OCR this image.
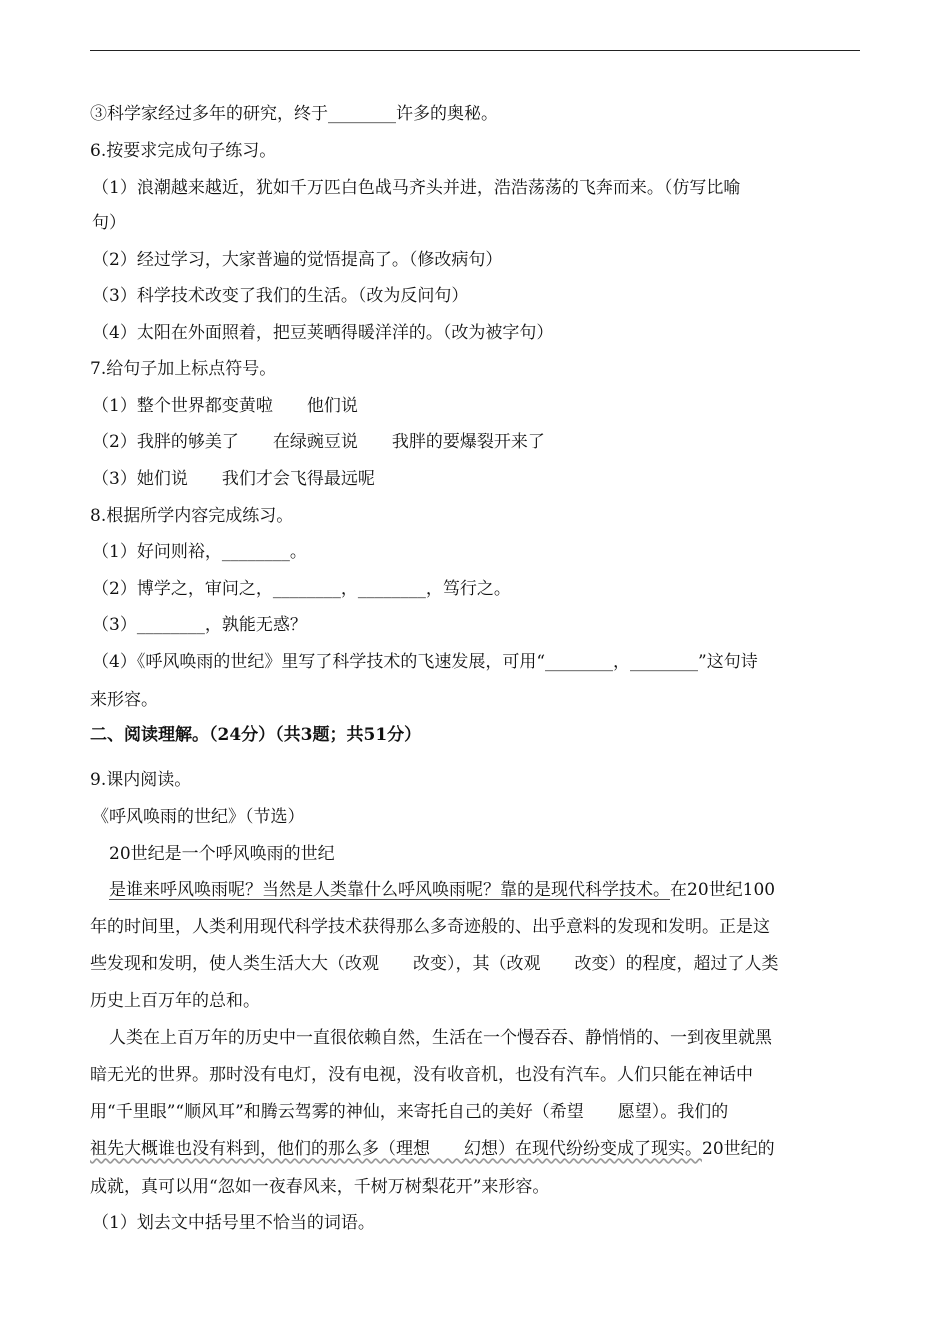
③科学家经过多年的研究，终于________许多的奥秘。
6.按要求完成句子练习。
（1）浪潮越来越近，犹如千万匹白色战马齐头并进，浩浩荡荡的飞奔而来。（仿写比喻
句）
（2）经过学习，大家普遍的觉悟提高了。（修改病句）
（3）科学技术改变了我们的生活。（改为反问句）
（4）太阳在外面照着，把豆荚晒得暖洋洋的。（改为被字句）
7.给句子加上标点符号。
（1）整个世界都变黄啦　　他们说
（2）我胖的够美了　　在绿豌豆说　　我胖的要爆裂开来了
（3）她们说　　我们才会飞得最远呢
8.根据所学内容完成练习。
（1）好问则裕，________。
（2）博学之，审问之，________，________，笃行之。
（3）________，孰能无惑？
（4）《呼风唤雨的世纪》里写了科学技术的飞速发展，可用“________，________”这句诗
来形容。
二、阅读理解。（24分）（共3题；共51分）
9.课内阅读。
《呼风唤雨的世纪》（节选）
20世纪是一个呼风唤雨的世纪
是谁来呼风唤雨呢？当然是人类靠什么呼风唤雨呢？靠的是现代科学技术。在20世纪100
年的时间里，人类利用现代科学技术获得那么多奇迹般的、出乎意料的发现和发明。正是这
些发现和发明，使人类生活大大（改观　　改变），其（改观　　改变）的程度，超过了人类
历史上百万年的总和。
人类在上百万年的历史中一直很依赖自然，生活在一个慢吞吞、静悄悄的、一到夜里就黑
暗无光的世界。那时没有电灯，没有电视，没有收音机，也没有汽车。人们只能在神话中
用“千里眼”“顺风耳”和腾云驾雾的神仙，来寄托自己的美好（希望　　愿望）。我们的
祖先大概谁也没有料到，他们的那么多（理想　　幻想）在现代纷纷变成了现实。20世纪的
成就，真可以用“忽如一夜春风来，千树万树梨花开”来形容。
（1）划去文中括号里不恰当的词语。
